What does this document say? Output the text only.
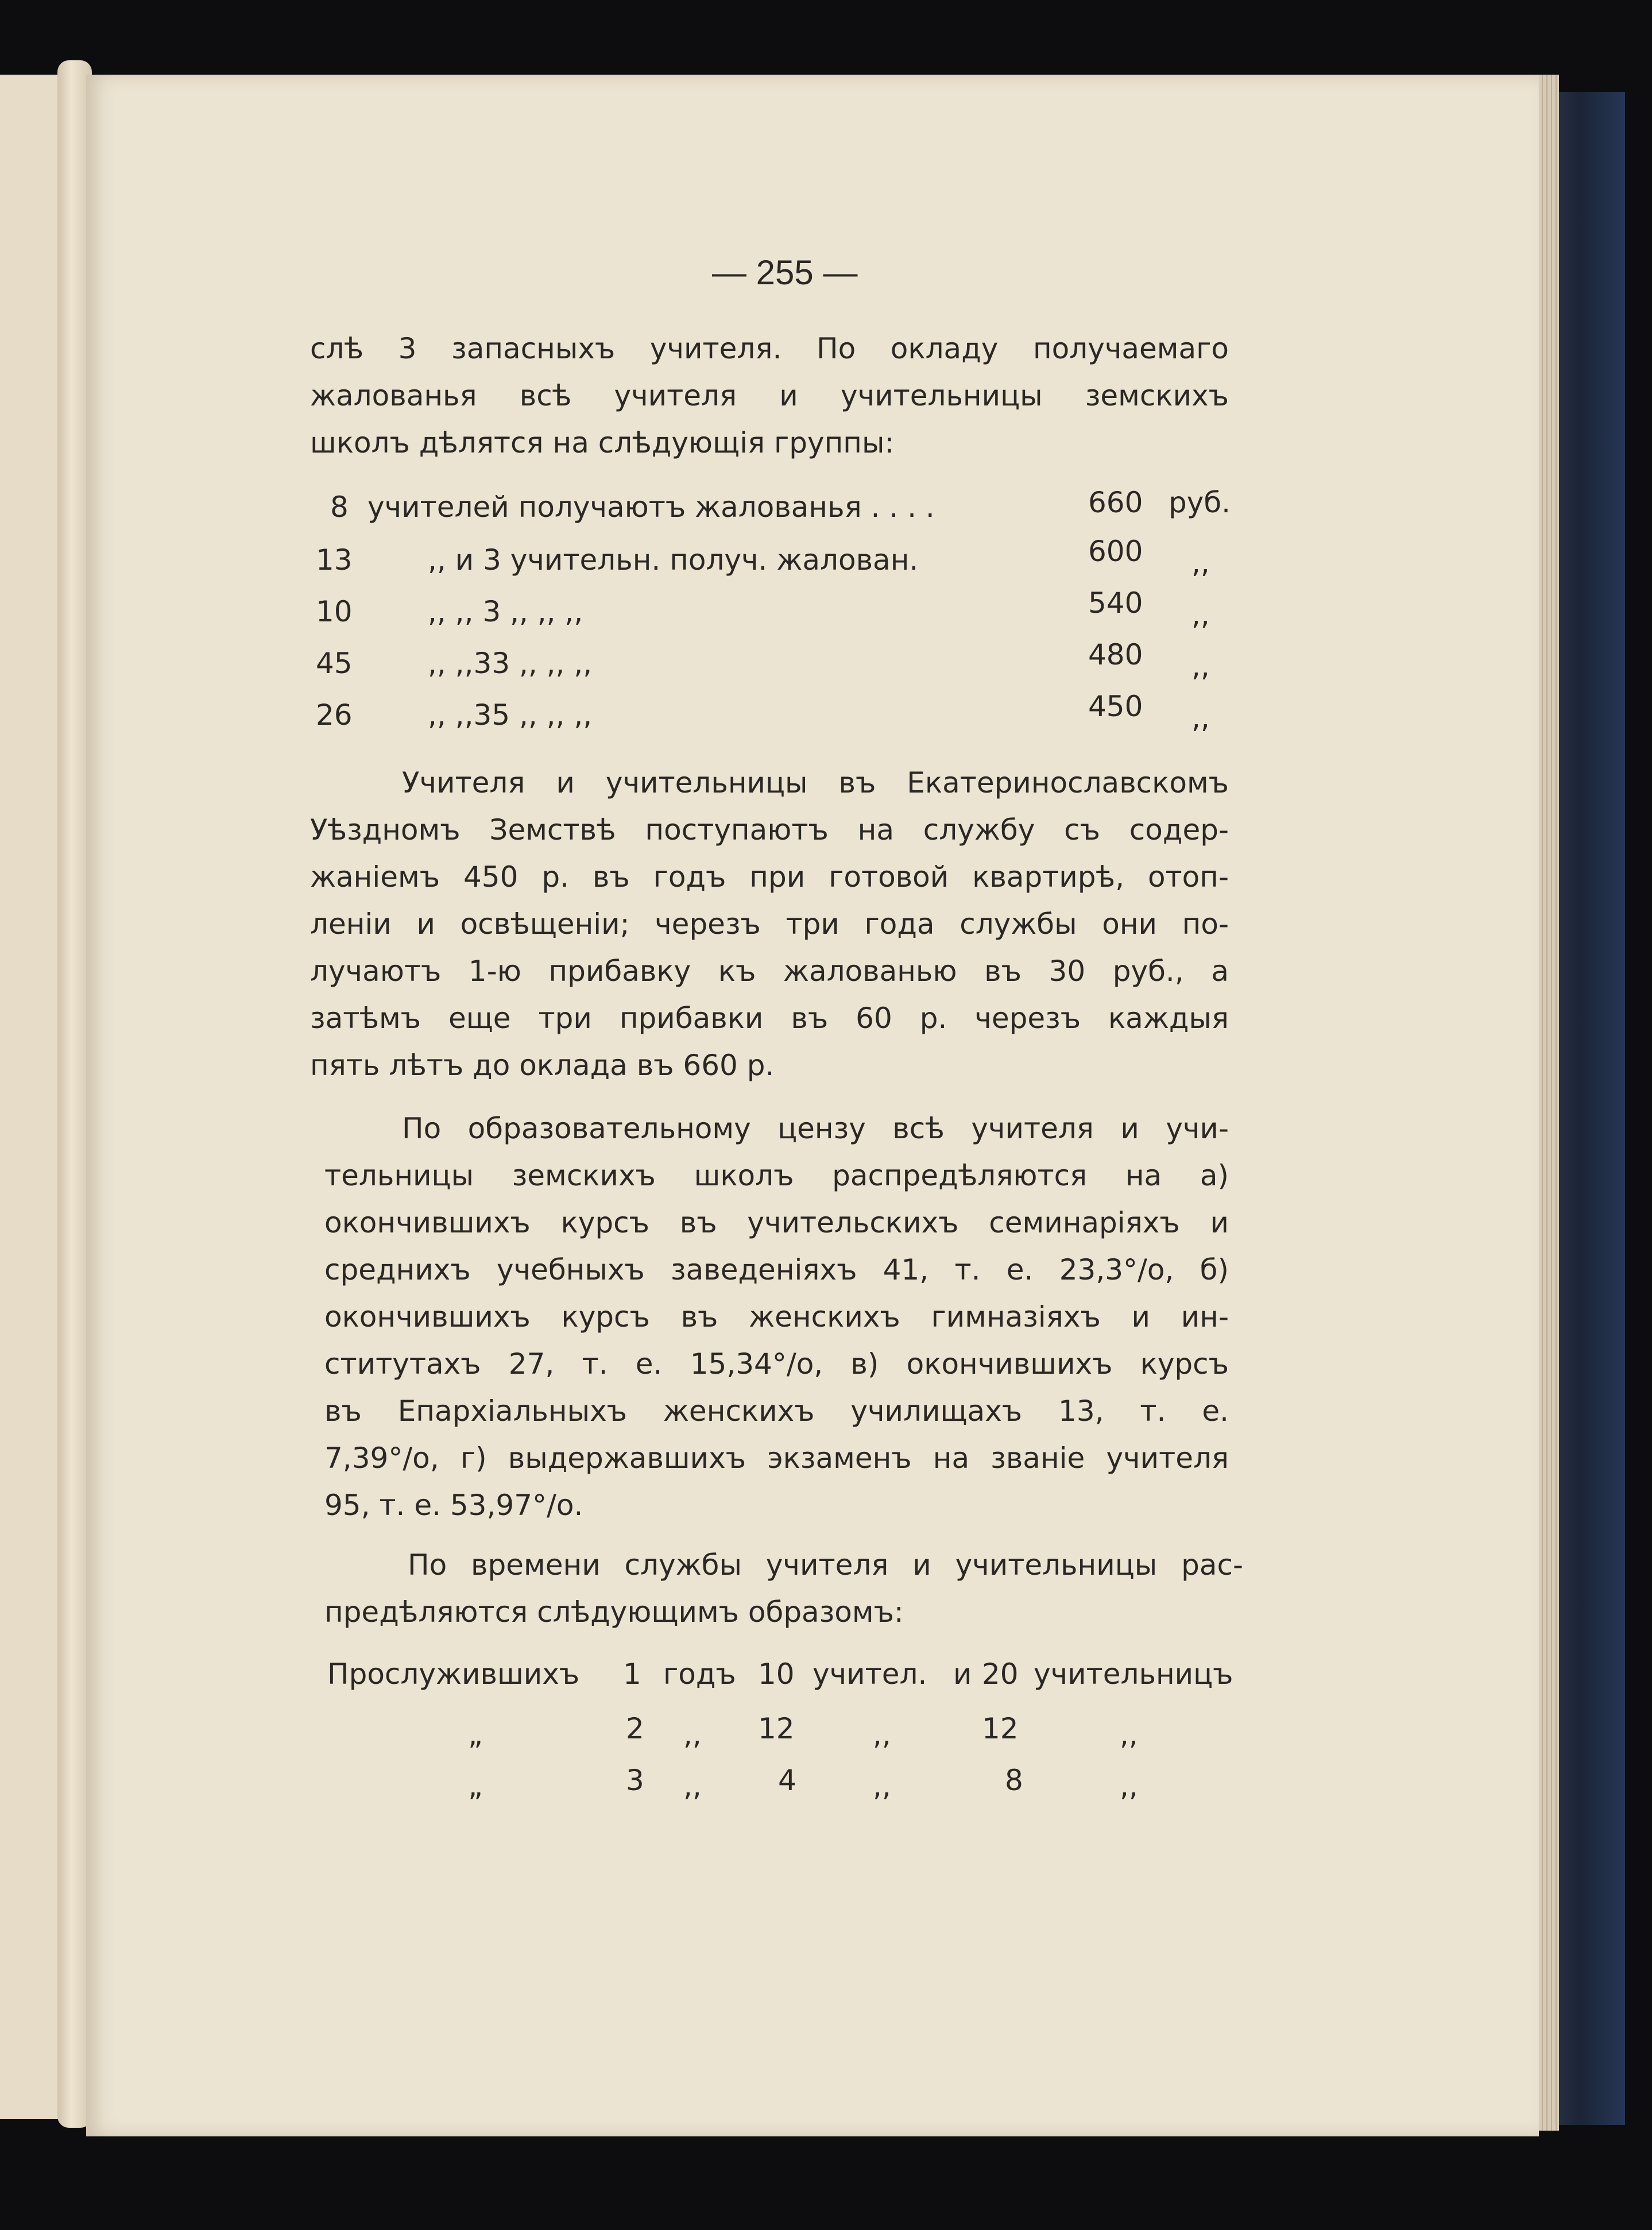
— 255 —
слѣ 3 запасныхъ учителя. По окладу получаемаго
жалованья всѣ учителя и учительницы земскихъ
школъ дѣлятся на слѣдующія группы:
8 учителей получаютъ жалованья . . . .	660 руб.
13	,, и 3 учительн. получ. жалован.	600 ,,
10	,, ,, 3 ,, ,, ,,	540 ,,
45	,, ,,33 ,, ,, ,,	480 ,,
26	,, ,,35 ,, ,, ,,	450 ,,
Учителя и учительницы въ Екатеринославскомъ
Уѣздномъ Земствѣ поступаютъ на службу съ содер-
жаніемъ 450 р. въ годъ при готовой квартирѣ, отоп-
леніи и освѣщеніи; черезъ три года службы они по-
лучаютъ 1-ю прибавку къ жалованью въ 30 руб., а
затѣмъ еще три прибавки въ 60 р. черезъ каждыя
пять лѣтъ до оклада въ 660 р.
По образовательному цензу всѣ учителя и учи-
тельницы земскихъ школъ распредѣляются на а)
окончившихъ курсъ въ учительскихъ семинаріяхъ и
среднихъ учебныхъ заведеніяхъ 41, т. е. 23,3°/о, б)
окончившихъ курсъ въ женскихъ гимназіяхъ и ин-
ститутахъ 27, т. е. 15,34°/о, в) окончившихъ курсъ
въ Епархіальныхъ женскихъ училищахъ 13, т. е.
7,39°/о, г) выдержавшихъ экзаменъ на званіе учителя
95, т. е. 53,97°/о.
По времени службы учителя и учительницы рас-
предѣляются слѣдующимъ образомъ:
Прослужившихъ 1 годъ 10 учител. и 20 учительницъ
„	2 ,, 12	,,	12	,,
„	3 ,,	4	,,	8	,,
